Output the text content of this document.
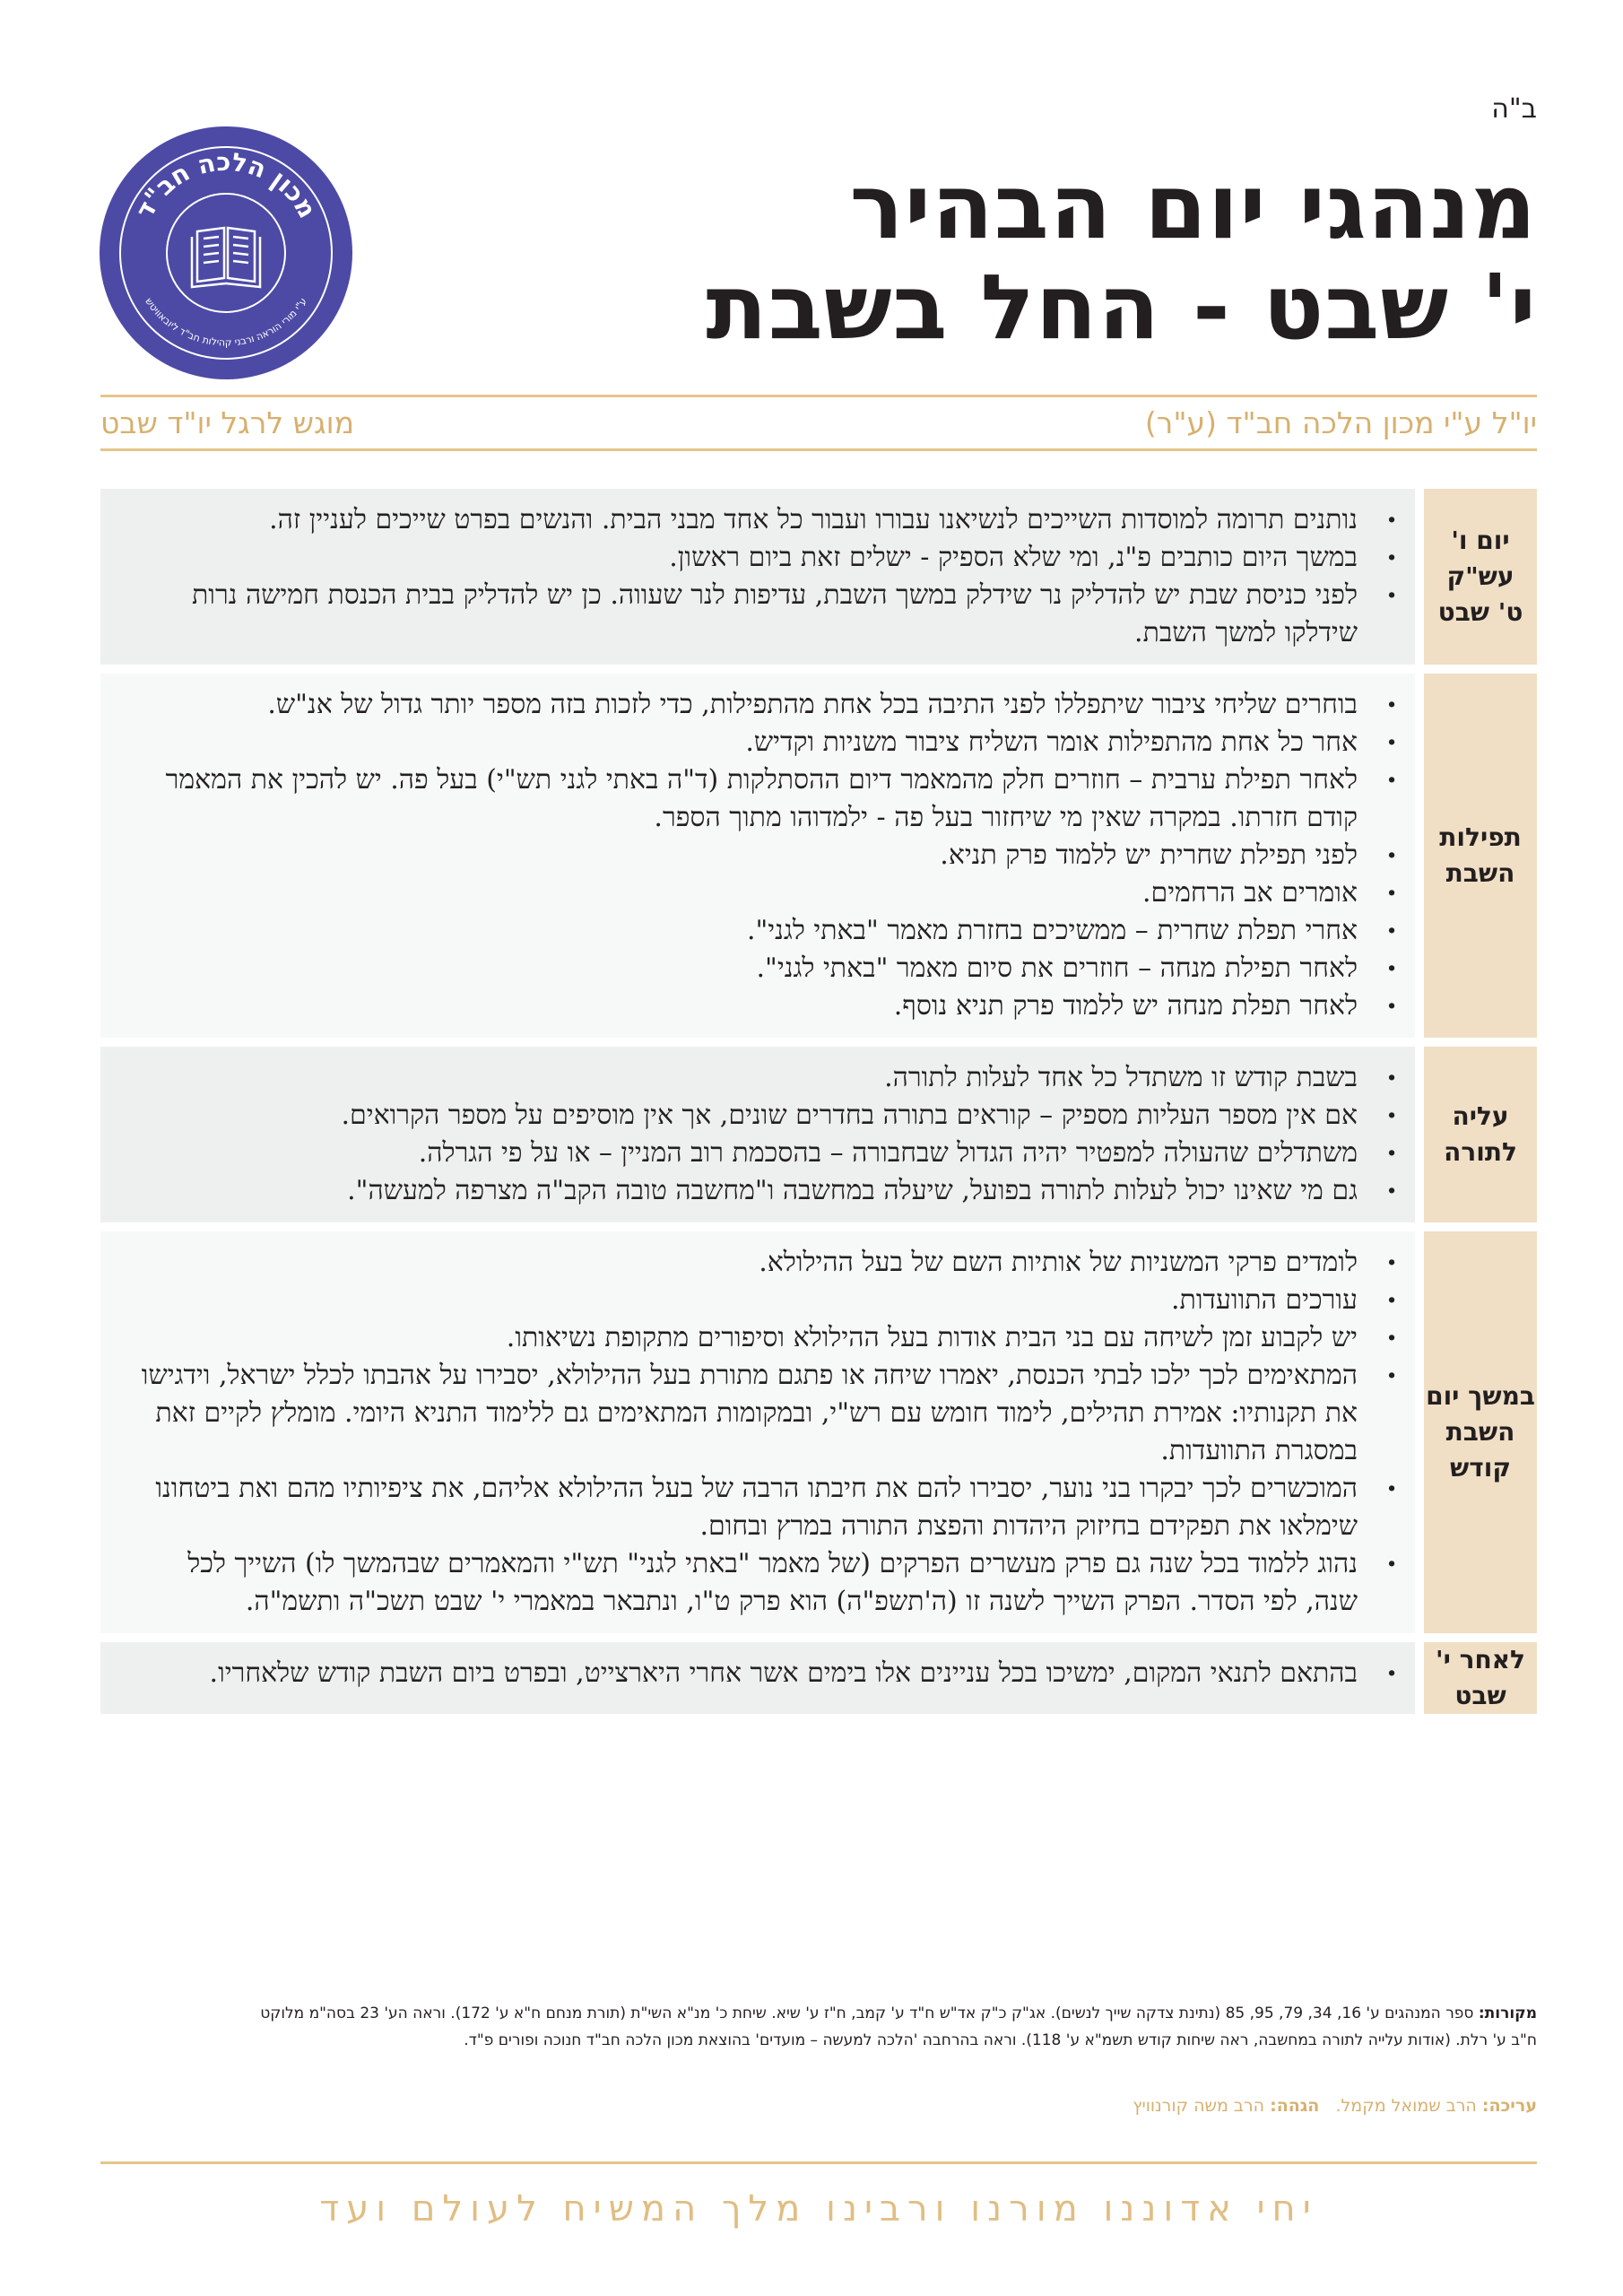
ב"ה
מכון הלכה חב"ד
ע"י מורי הוראה ורבני קהילות חב"ד ליובאוויטש
מנהגי יום הבהיר
י' שבט - החל בשבת
יו"ל ע"י מכון הלכה חב"ד (ע"ר)
מוגש לרגל יו"ד שבט
יום ו'
עש"ק
ט' שבט
· נותנים תרומה למוסדות השייכים לנשיאנו עבורו ועבור כל אחד מבני הבית. והנשים בפרט שייכים לעניין זה.
· במשך היום כותבים פ"נ, ומי שלא הספיק - ישלים זאת ביום ראשון.
· לפני כניסת שבת יש להדליק נר שידלק במשך השבת, עדיפות לנר שעווה. כן יש להדליק בבית הכנסת חמישה נרות שידלקו למשך השבת.
תפילות
השבת
· בוחרים שליחי ציבור שיתפללו לפני התיבה בכל אחת מהתפילות, כדי לזכות בזה מספר יותר גדול של אנ"ש.
· אחר כל אחת מהתפילות אומר השליח ציבור משניות וקדיש.
· לאחר תפילת ערבית – חוזרים חלק מהמאמר דיום ההסתלקות (ד"ה באתי לגני תש"י) בעל פה. יש להכין את המאמר קודם חזרתו. במקרה שאין מי שיחזור בעל פה - ילמדוהו מתוך הספר.
· לפני תפילת שחרית יש ללמוד פרק תניא.
· אומרים אב הרחמים.
· אחרי תפלת שחרית – ממשיכים בחזרת מאמר "באתי לגני".
· לאחר תפילת מנחה – חוזרים את סיום מאמר "באתי לגני".
· לאחר תפלת מנחה יש ללמוד פרק תניא נוסף.
עליה
לתורה
· בשבת קודש זו משתדל כל אחד לעלות לתורה.
· אם אין מספר העליות מספיק – קוראים בתורה בחדרים שונים, אך אין מוסיפים על מספר הקרואים.
· משתדלים שהעולה למפטיר יהיה הגדול שבחבורה – בהסכמת רוב המניין – או על פי הגרלה.
· גם מי שאינו יכול לעלות לתורה בפועל, שיעלה במחשבה ו"מחשבה טובה הקב"ה מצרפה למעשה".
במשך יום
השבת
קודש
· לומדים פרקי המשניות של אותיות השם של בעל ההילולא.
· עורכים התוועדות.
· יש לקבוע זמן לשיחה עם בני הבית אודות בעל ההילולא וסיפורים מתקופת נשיאותו.
· המתאימים לכך ילכו לבתי הכנסת, יאמרו שיחה או פתגם מתורת בעל ההילולא, יסבירו על אהבתו לכלל ישראל, וידגישו את תקנותיו: אמירת תהילים, לימוד חומש עם רש"י, ובמקומות המתאימים גם ללימוד התניא היומי. מומלץ לקיים זאת במסגרת התוועדות.
· המוכשרים לכך יבקרו בני נוער, יסבירו להם את חיבתו הרבה של בעל ההילולא אליהם, את ציפיותיו מהם ואת ביטחונו שימלאו את תפקידם בחיזוק היהדות והפצת התורה במרץ ובחום.
· נהוג ללמוד בכל שנה גם פרק מעשרים הפרקים (של מאמר "באתי לגני" תש"י והמאמרים שבהמשך לו) השייך לכל שנה, לפי הסדר. הפרק השייך לשנה זו (ה'תשפ"ה) הוא פרק ט"ו, ונתבאר במאמרי י' שבט תשכ"ה ותשמ"ה.
לאחר י'
שבט
· בהתאם לתנאי המקום, ימשיכו בכל עניינים אלו בימים אשר אחרי היארצייט, ובפרט ביום השבת קודש שלאחריו.
מקורות: ספר המנהגים ע' 16, 34, 79, 95, 85 (נתינת צדקה שייך לנשים). אג"ק כ"ק אד"ש ח"ד ע' קמב, ח"ז ע' שיא. שיחת כ' מנ"א השי"ת (תורת מנחם ח"א ע' 172). וראה הע' 23 בסה"מ מלוקט
ח"ב ע' רלת. (אודות עלייה לתורה במחשבה, ראה שיחות קודש תשמ"א ע' 118). וראה בהרחבה 'הלכה למעשה – מועדים' בהוצאת מכון הלכה חב"ד חנוכה ופורים פ"ד.
עריכה: הרב שמואל מקמל.   הגהה: הרב משה קורנוויץ
יחי אדוננו מורנו ורבינו מלך המשיח לעולם ועד
